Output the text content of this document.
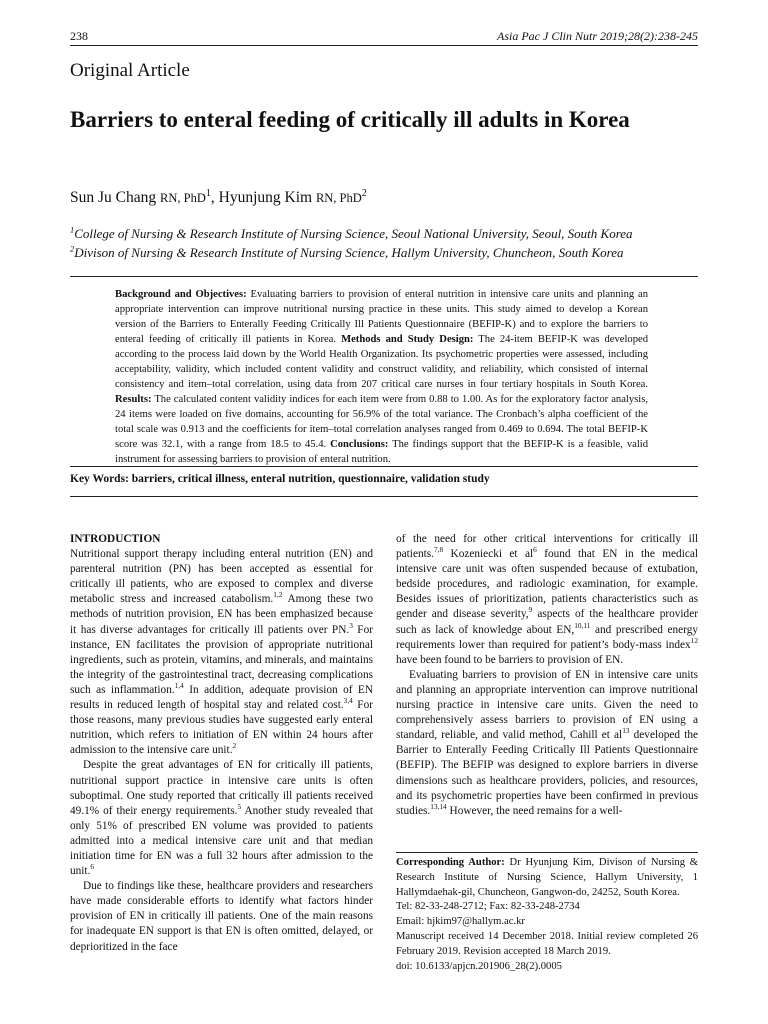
238	Asia Pac J Clin Nutr 2019;28(2):238-245
Original Article
Barriers to enteral feeding of critically ill adults in Korea
Sun Ju Chang RN, PhD$^1$, Hyunjung Kim RN, PhD$^2$
$^1$College of Nursing & Research Institute of Nursing Science, Seoul National University, Seoul, South Korea
$^2$Divison of Nursing & Research Institute of Nursing Science, Hallym University, Chuncheon, South Korea
Background and Objectives: Evaluating barriers to provision of enteral nutrition in intensive care units and planning an appropriate intervention can improve nutritional nursing practice in these units. This study aimed to develop a Korean version of the Barriers to Enterally Feeding Critically Ill Patients Questionnaire (BEFIP-K) and to explore the barriers to enteral feeding of critically ill patients in Korea. Methods and Study Design: The 24-item BEFIP-K was developed according to the process laid down by the World Health Organization. Its psychometric properties were assessed, including acceptability, validity, which included content validity and construct validity, and reliability, which consisted of internal consistency and item–total correlation, using data from 207 critical care nurses in four tertiary hospitals in South Korea. Results: The calculated content validity indices for each item were from 0.88 to 1.00. As for the exploratory factor analysis, 24 items were loaded on five domains, accounting for 56.9% of the total variance. The Cronbach’s alpha coefficient of the total scale was 0.913 and the coefficients for item–total correlation analyses ranged from 0.469 to 0.694. The total BEFIP-K score was 32.1, with a range from 18.5 to 45.4. Conclusions: The findings support that the BEFIP-K is a feasible, valid instrument for assessing barriers to provision of enteral nutrition.
Key Words: barriers, critical illness, enteral nutrition, questionnaire, validation study
INTRODUCTION

Nutritional support therapy including enteral nutrition (EN) and parenteral nutrition (PN) has been accepted as essential for critically ill patients, who are exposed to complex and diverse metabolic stress and increased catabolism.$^{1,2}$ Among these two methods of nutrition provision, EN has been emphasized because it has diverse advantages for critically ill patients over PN.$^3$ For instance, EN facilitates the provision of appropriate nutritional ingredients, such as protein, vitamins, and minerals, and maintains the integrity of the gastrointestinal tract, decreasing complications such as inflammation.$^{1,4}$ In addition, adequate provision of EN results in reduced length of hospital stay and related cost.$^{3,4}$ For those reasons, many previous studies have suggested early enteral nutrition, which refers to initiation of EN within 24 hours after admission to the intensive care unit.$^2$

Despite the great advantages of EN for critically ill patients, nutritional support practice in intensive care units is often suboptimal. One study reported that critically ill patients received 49.1% of their energy requirements.$^5$ Another study revealed that only 51% of prescribed EN volume was provided to patients admitted into a medical intensive care unit and that median initiation time for EN was a full 32 hours after admission to the unit.$^6$

Due to findings like these, healthcare providers and researchers have made considerable efforts to identify what factors hinder provision of EN in critically ill patients. One of the main reasons for inadequate EN support is that EN is often omitted, delayed, or deprioritized in the face

of the need for other critical interventions for critically ill patients.$^{7,8}$ Kozeniecki et $al^6$ found that EN in the medical intensive care unit was often suspended because of extubation, bedside procedures, and radiologic examination, for example. Besides issues of prioritization, patients characteristics such as gender and disease severity,$^9$ aspects of the healthcare provider such as lack of knowledge about EN,$^{10,11}$ and prescribed energy requirements lower than required for patient’s body-mass index$^{12}$ have been found to be barriers to provision of EN.

Evaluating barriers to provision of EN in intensive care units and planning an appropriate intervention can improve nutritional nursing practice in intensive care units. Given the need to comprehensively assess barriers to provision of EN using a standard, reliable, and valid method, Cahill et $al^{13}$ developed the Barrier to Enterally Feeding Critically Ill Patients Questionnaire (BEFIP). The BEFIP was designed to explore barriers in diverse dimensions such as healthcare providers, policies, and resources, and its psychometric properties have been confirmed in previous studies.$^{13,14}$ However, the need remains for a well-

Corresponding Author: Dr Hyunjung Kim, Divison of Nursing & Research Institute of Nursing Science, Hallym University, 1 Hallymdaehak-gil, Chuncheon, Gangwon-do, 24252, South Korea.
Tel: 82-33-248-2712; Fax: 82-33-248-2734
Email: hjkim97@hallym.ac.kr
Manuscript received 14 December 2018. Initial review completed 26 February 2019. Revision accepted 18 March 2019.
doi: 10.6133/apjcn.201906_28(2).0005
